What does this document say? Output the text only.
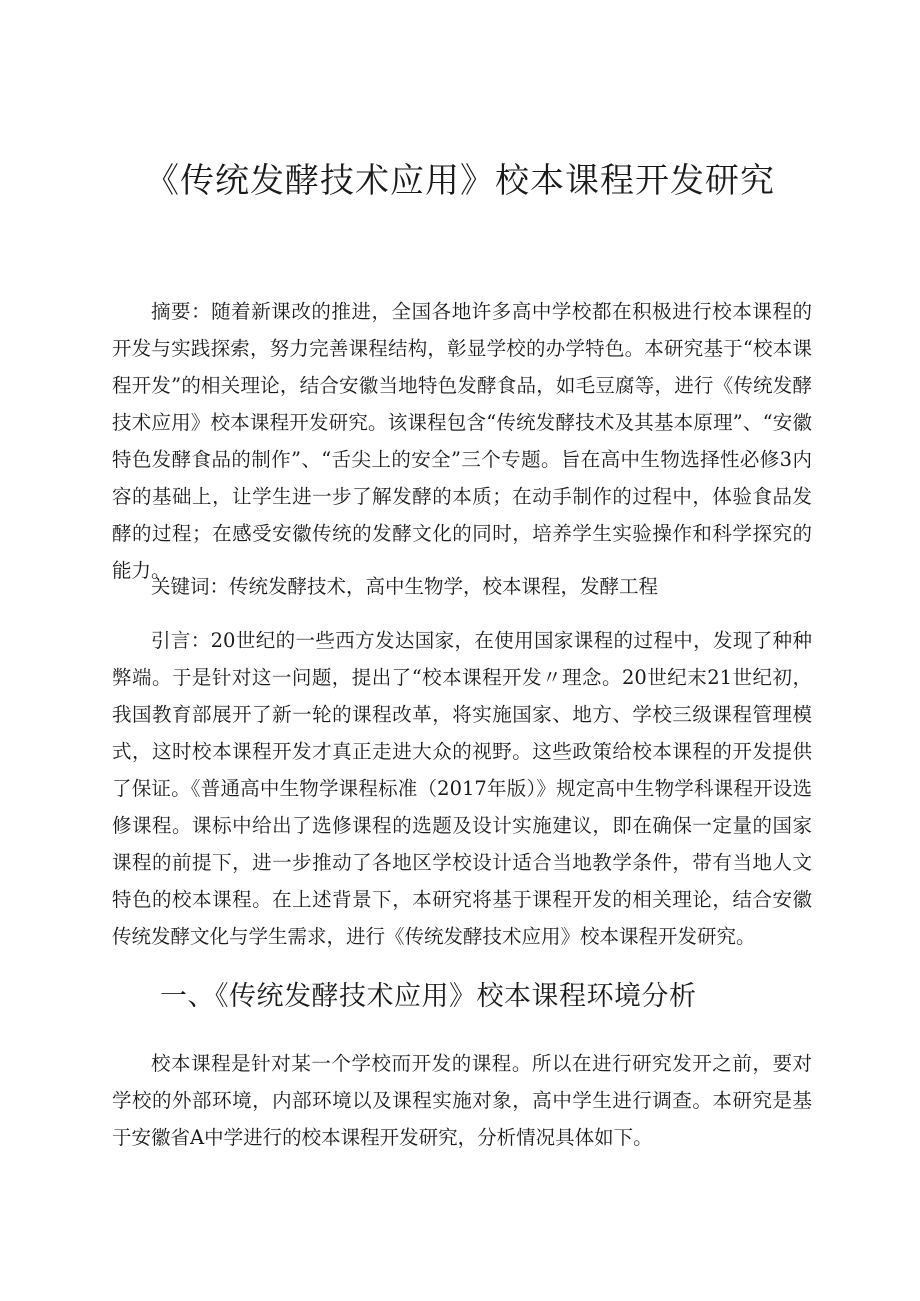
《传统发酵技术应用》校本课程开发研究

摘要：随着新课改的推进，全国各地许多高中学校都在积极进行校本课程的开发与实践探索，努力完善课程结构，彰显学校的办学特色。本研究基于“校本课程开发”的相关理论，结合安徽当地特色发酵食品，如毛豆腐等，进行《传统发酵技术应用》校本课程开发研究。该课程包含“传统发酵技术及其基本原理”、“安徽特色发酵食品的制作”、“舌尖上的安全”三个专题。旨在高中生物选择性必修3内容的基础上，让学生进一步了解发酵的本质；在动手制作的过程中，体验食品发酵的过程；在感受安徽传统的发酵文化的同时，培养学生实验操作和科学探究的能力。

关键词：传统发酵技术，高中生物学，校本课程，发酵工程

引言：20世纪的一些西方发达国家，在使用国家课程的过程中，发现了种种弊端。于是针对这一问题，提出了“校本课程开发〃理念。20世纪末21世纪初，我国教育部展开了新一轮的课程改革，将实施国家、地方、学校三级课程管理模式，这时校本课程开发才真正走进大众的视野。这些政策给校本课程的开发提供了保证。《普通高中生物学课程标准（2017年版）》规定高中生物学科课程开设选修课程。课标中给出了选修课程的选题及设计实施建议，即在确保一定量的国家课程的前提下，进一步推动了各地区学校设计适合当地教学条件，带有当地人文特色的校本课程。在上述背景下，本研究将基于课程开发的相关理论，结合安徽传统发酵文化与学生需求，进行《传统发酵技术应用》校本课程开发研究。

一、《传统发酵技术应用》校本课程环境分析

校本课程是针对某一个学校而开发的课程。所以在进行研究发开之前，要对学校的外部环境，内部环境以及课程实施对象，高中学生进行调查。本研究是基于安徽省A中学进行的校本课程开发研究，分析情况具体如下。
